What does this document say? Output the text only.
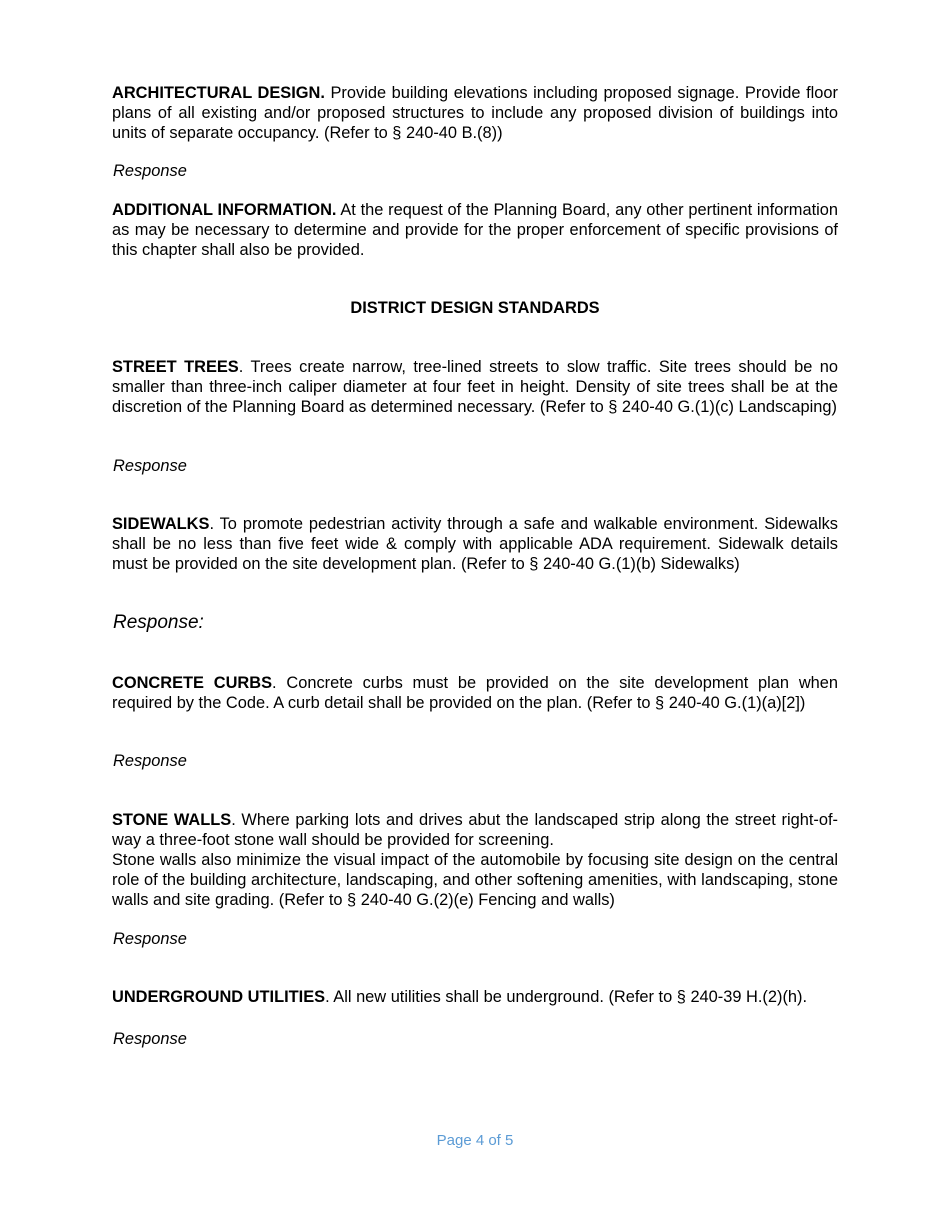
ARCHITECTURAL DESIGN. Provide building elevations including proposed signage. Provide floor plans of all existing and/or proposed structures to include any proposed division of buildings into units of separate occupancy. (Refer to § 240-40 B.(8))

Response

ADDITIONAL INFORMATION. At the request of the Planning Board, any other pertinent information as may be necessary to determine and provide for the proper enforcement of specific provisions of this chapter shall also be provided.

DISTRICT DESIGN STANDARDS

STREET TREES. Trees create narrow, tree-lined streets to slow traffic. Site trees should be no smaller than three-inch caliper diameter at four feet in height. Density of site trees shall be at the discretion of the Planning Board as determined necessary. (Refer to § 240-40 G.(1)(c) Landscaping)

Response

SIDEWALKS. To promote pedestrian activity through a safe and walkable environment. Sidewalks shall be no less than five feet wide & comply with applicable ADA requirement. Sidewalk details must be provided on the site development plan. (Refer to § 240-40 G.(1)(b) Sidewalks)

Response:

CONCRETE CURBS. Concrete curbs must be provided on the site development plan when required by the Code. A curb detail shall be provided on the plan. (Refer to § 240-40 G.(1)(a)[2])

Response

STONE WALLS. Where parking lots and drives abut the landscaped strip along the street right-of-way a three-foot stone wall should be provided for screening.
Stone walls also minimize the visual impact of the automobile by focusing site design on the central role of the building architecture, landscaping, and other softening amenities, with landscaping, stone walls and site grading. (Refer to § 240-40 G.(2)(e) Fencing and walls)

Response

UNDERGROUND UTILITIES. All new utilities shall be underground. (Refer to § 240-39 H.(2)(h).

Response

Page 4 of 5
